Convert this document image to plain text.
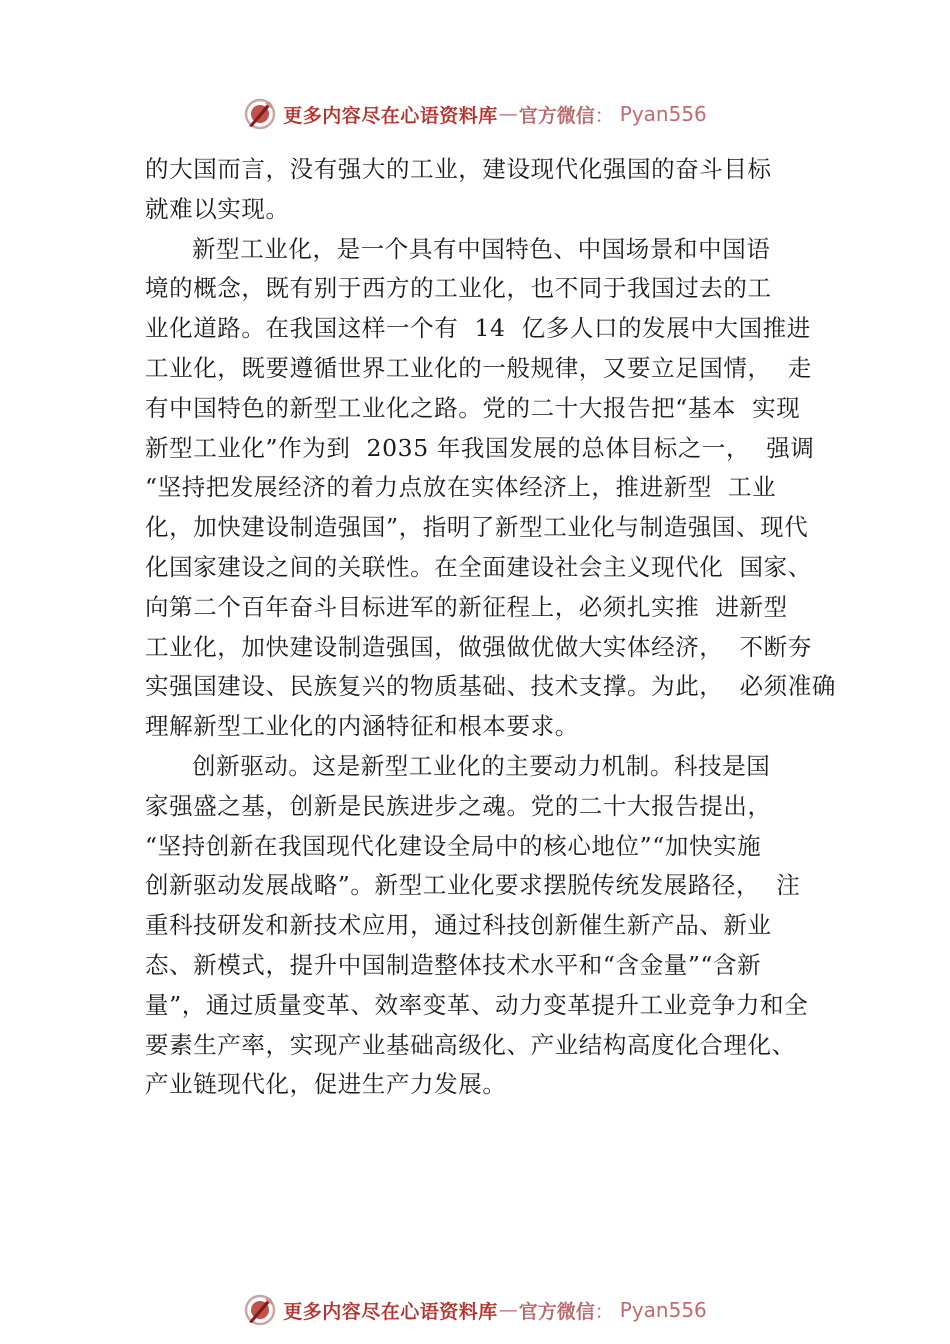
更多内容尽在心语资料库 — 官方微信 ： Pyan556
的大国而言，没有强大的工业，建设现代化强国的奋斗目标
就难以实现。
新型工业化，是一个具有中国特色、中国场景和中国语
境的概念，既有别于西方的工业化，也不同于我国过去的工
业化道路。在我国这样一个有  14  亿多人口的发展中大国推进
工业化，既要遵循世界工业化的一般规律，又要立足国情，  走
有中国特色的新型工业化之路。党的二十大报告把“基本  实现
新型工业化”作为到  2035 年我国发展的总体目标之一，  强调
“坚持把发展经济的着力点放在实体经济上，推进新型  工业
化，加快建设制造强国”，指明了新型工业化与制造强国、现代
化国家建设之间的关联性。在全面建设社会主义现代化  国家、
向第二个百年奋斗目标进军的新征程上，必须扎实推  进新型
工业化，加快建设制造强国，做强做优做大实体经济，  不断夯
实强国建设、民族复兴的物质基础、技术支撑。为此，  必须准确
理解新型工业化的内涵特征和根本要求。
创新驱动。这是新型工业化的主要动力机制。科技是国
家强盛之基，创新是民族进步之魂。党的二十大报告提出，
“坚持创新在我国现代化建设全局中的核心地位”“加快实施
创新驱动发展战略”。新型工业化要求摆脱传统发展路径，  注
重科技研发和新技术应用，通过科技创新催生新产品、新业
态、新模式，提升中国制造整体技术水平和“含金量”“含新
量”，通过质量变革、效率变革、动力变革提升工业竞争力和全
要素生产率，实现产业基础高级化、产业结构高度化合理化、
产业链现代化，促进生产力发展。
更多内容尽在心语资料库 — 官方微信 ： Pyan556
